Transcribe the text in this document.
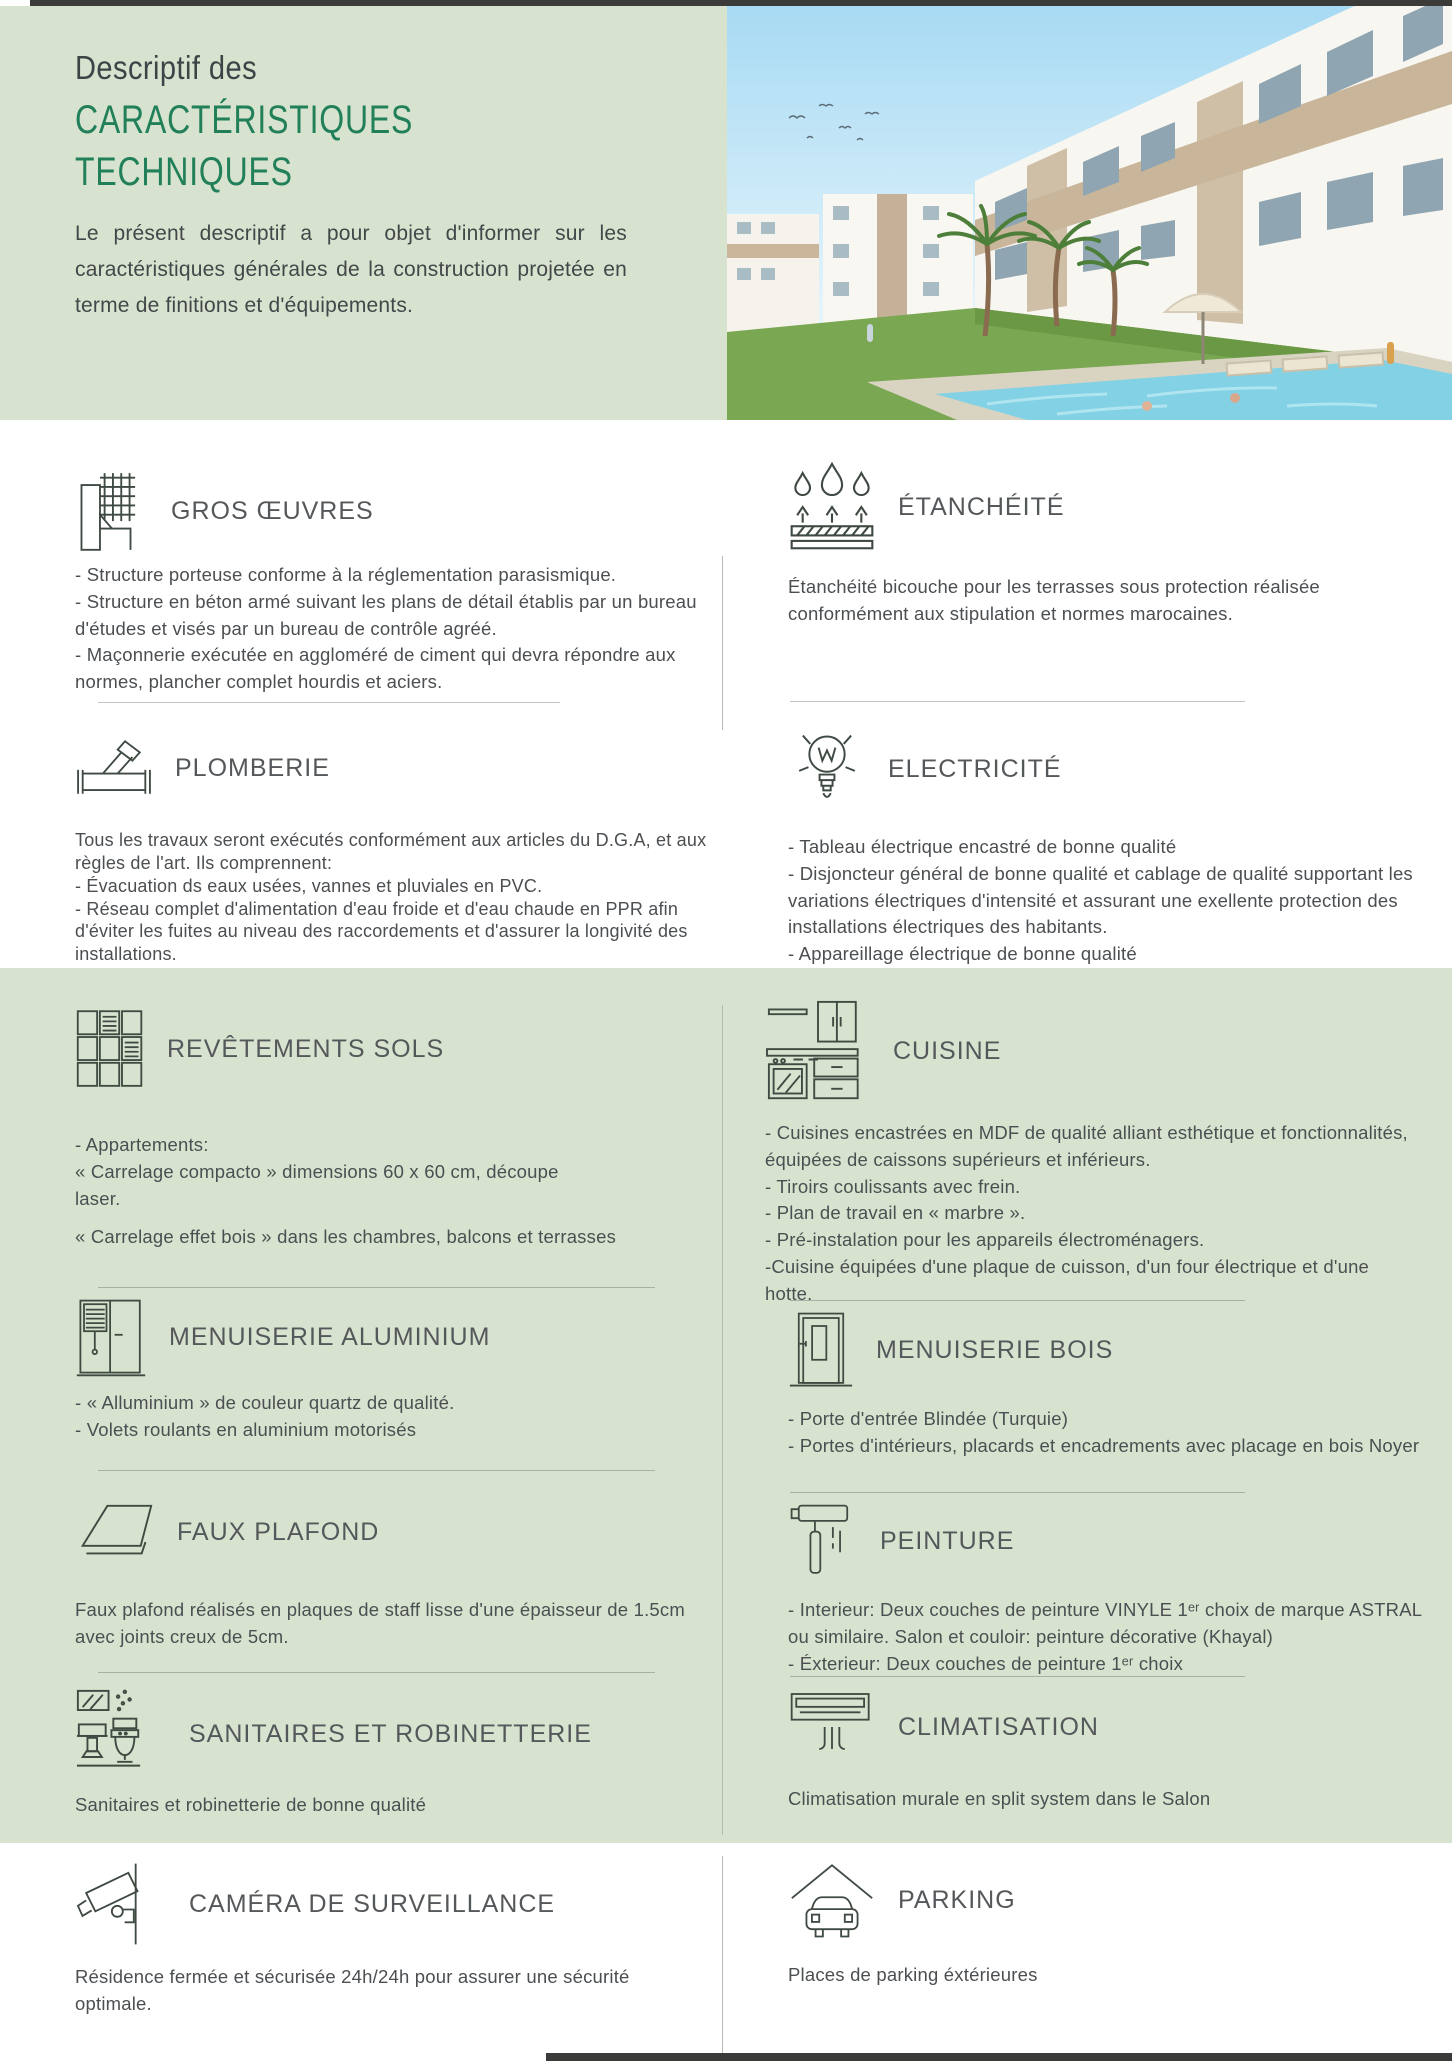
Descriptif des
CARACTÉRISTIQUES
TECHNIQUES

Le présent descriptif a pour objet d'informer sur les caractéristiques générales de la construction projetée en terme de finitions et d'équipements.

GROS ŒUVRES

- Structure porteuse conforme à la réglementation parasismique.

- Structure en béton armé suivant les plans de détail établis par un bureau d'études et visés par un bureau de contrôle agréé.

- Maçonnerie exécutée en aggloméré de ciment qui devra répondre aux normes, plancher complet hourdis et aciers.

PLOMBERIE

Tous les travaux seront exécutés conformément aux articles du D.G.A, et aux règles de l'art. Ils comprennent:

- Évacuation ds eaux usées, vannes et pluviales en PVC.

- Réseau complet d'alimentation d'eau froide et d'eau chaude en PPR afin d'éviter les fuites au niveau des raccordements et d'assurer la longivité des installations.

REVÊTEMENTS SOLS

- Appartements:

« Carrelage compacto » dimensions 60 x 60 cm, découpe laser.

« Carrelage effet bois » dans les chambres, balcons et terrasses

MENUISERIE ALUMINIUM

- « Alluminium » de couleur quartz de qualité.

- Volets roulants en aluminium motorisés

FAUX PLAFOND

Faux plafond réalisés en plaques de staff lisse d'une épaisseur de 1.5cm avec joints creux de 5cm.

SANITAIRES ET ROBINETTERIE

Sanitaires et robinetterie de bonne qualité

CAMÉRA DE SURVEILLANCE

Résidence fermée et sécurisée 24h/24h pour assurer une sécurité optimale.

ÉTANCHÉITÉ

Étanchéité bicouche pour les terrasses sous protection réalisée conformément aux stipulation et normes marocaines.

ELECTRICITÉ

- Tableau électrique encastré de bonne qualité

- Disjoncteur général de bonne qualité et cablage de qualité supportant les variations électriques d'intensité et assurant une exellente protection des installations électriques des habitants.

- Appareillage électrique de bonne qualité

CUISINE

- Cuisines encastrées en MDF de qualité alliant esthétique et fonctionnalités, équipées de caissons supérieurs et inférieurs.

- Tiroirs coulissants avec frein.

- Plan de travail en « marbre ».

- Pré-instalation pour les appareils électroménagers.

-Cuisine équipées d'une plaque de cuisson, d'un four électrique et d'une hotte.

MENUISERIE BOIS

- Porte d'entrée Blindée (Turquie)

- Portes d'intérieurs, placards et encadrements avec placage en bois Noyer

PEINTURE

- Interieur: Deux couches de peinture VINYLE 1ᵉʳ choix de marque ASTRAL ou similaire. Salon et couloir: peinture décorative (Khayal)

- Éxterieur: Deux couches de peinture 1ᵉʳ choix

CLIMATISATION

Climatisation murale en split system dans le Salon

PARKING

Places de parking éxtérieures
